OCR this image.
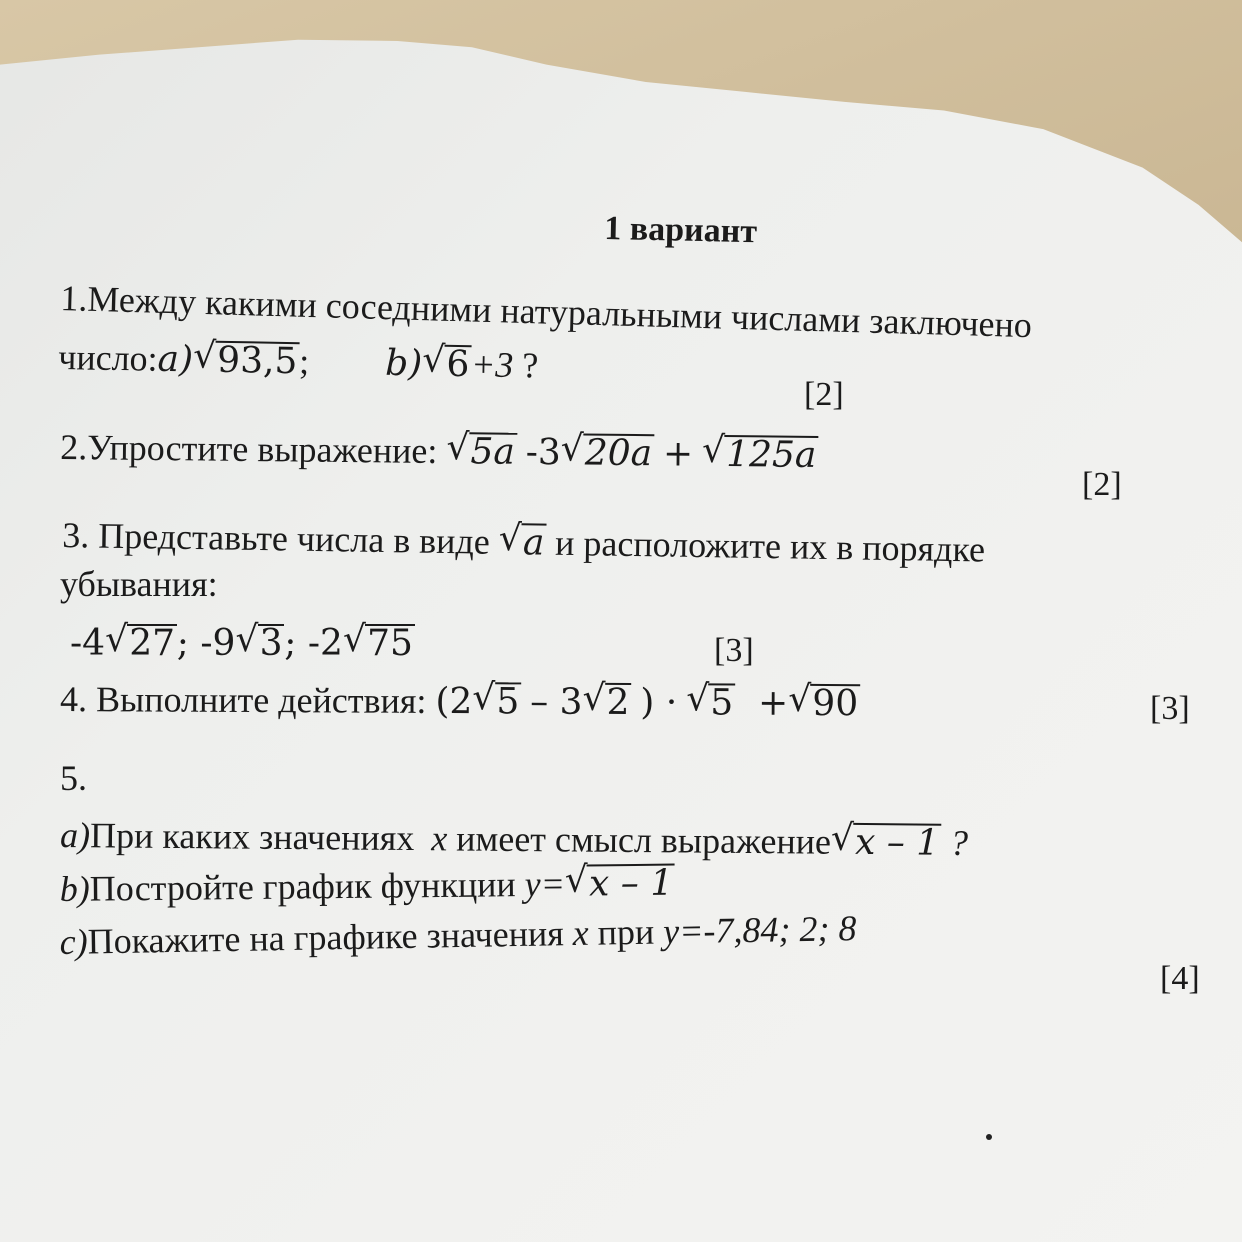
1 вариант
1.Между какими соседними натуральными числами заключено
число:a) √ 93,5; b) √ 6+3 ?
[2]
2.Упростите выражение: √ 5a -3 √ 20a + √ 125a
[2]
3. Представьте числа в виде √ a и расположите их в порядке
убывания:
-4 √ 27; -9 √ 3; -2 √ 75	[3]
4. Выполните действия: (2 √ 5 – 3 √ 2 ) · √ 5 + √ 90	[3]
5.
a)При каких значениях x имеет смысл выражение √ x – 1 ?
b)Постройте график функции y= √ x – 1
c)Покажите на графике значения x при y=-7,84; 2; 8
[4]
